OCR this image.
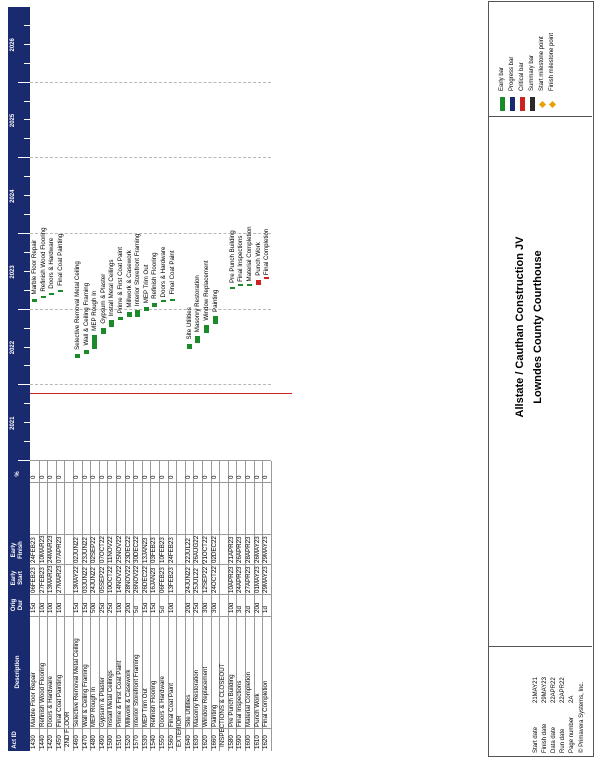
Act ID
Description
Orig Dur
Early Start
Early Finish
%
2021
2022
2023
2024
2025
2026
1430
Marble Floor Repair
15d
06FEB23
24FEB23
0
1440
Refinish Wood Flooring
10d
27FEB23
10MAR23
0
1420
Doors & Hardware
10d
13MAR23
24MAR23
0
1450
Final Coat Painting
10d
27MAR23
07APR23
0
2ND FLOOR 1460
Selective Removal Metal Ceiling
15d
13MAY22
02JUN22
0
1470
Wall & Ceiling Framing
15d
03JUN22
23JUN22
0
1480
MEP Rough In
50d
24JUN22
02SEP22
0
1490
Gypsum & Plaster
25d
05SEP22
07OCT22
0
1500
Install Metal Ceilings
25d
10OCT22
11NOV22
0
1510
Prime & First Coat Paint
10d
14NOV22
25NOV22
0
1520
Millwork & Casework
20d
28NOV22
23DEC22
0
1570
Interior Storefront Framing
5d
26NOV22
30DEC22
0
1530
MEP Trim Out
15d
26DEC22
13JAN23
0
1540
Refinish Flooring
15d
16JAN23
03FEB23
0
1550
Doors & Hardware
5d
06FEB23
10FEB23
0
1560
Final Coat Paint
10d
13FEB23
24FEB23
0
EXTERIOR 1640
Site Utilities
20d
24JUN22
22JUL22
0
1630
Masonry Restoration
25d
25JUL22
26AUG22
0
1620
Window Replacement
30d
12SEP22 *
21OCT22
0
1660
Painting
30d
24OCT22
02DEC22
0
INSPECTIONS & CLOSEOUT 1580
Pre Punch Building
10d
10APR23
21APR23
0
1590
Final Inspections
3d
24APR23
26APR23
0
1600
Material Completion
2d
27APR23
28APR23
0
1610
Punch Work
20d
01MAY23
26MAY23
0
1620
Final Completion
1d
29MAY23
29MAY23
0
Marble Floor Repair Refinish Wood Flooring Doors & Hardware Final Coat Painting
Selective Removal Metal Ceiling Wall & Ceiling Framing MEP Rough In Gypsum & Plaster Install Metal Ceilings Prime & First Coat Paint Millwork & Casework Interior Storefront Framing MEP Trim Out Refinish Flooring Doors & Hardware Final Coat Paint
Site Utilities Masonry Restoration Window Replacement Painting
Pre Punch Building Final Inspections Material Completion Punch Work Final Completion
Start date
21MAY21
Finish date
29MAY23
Data date
22APR22
Run date
22APR22
Page number
2A © Primavera Systems, Inc.
Allstate / Cauthan Construction JV Lowndes County Courthouse
Early bar Progress bar Critical bar Summary bar Start milestone point Finish milestone point
